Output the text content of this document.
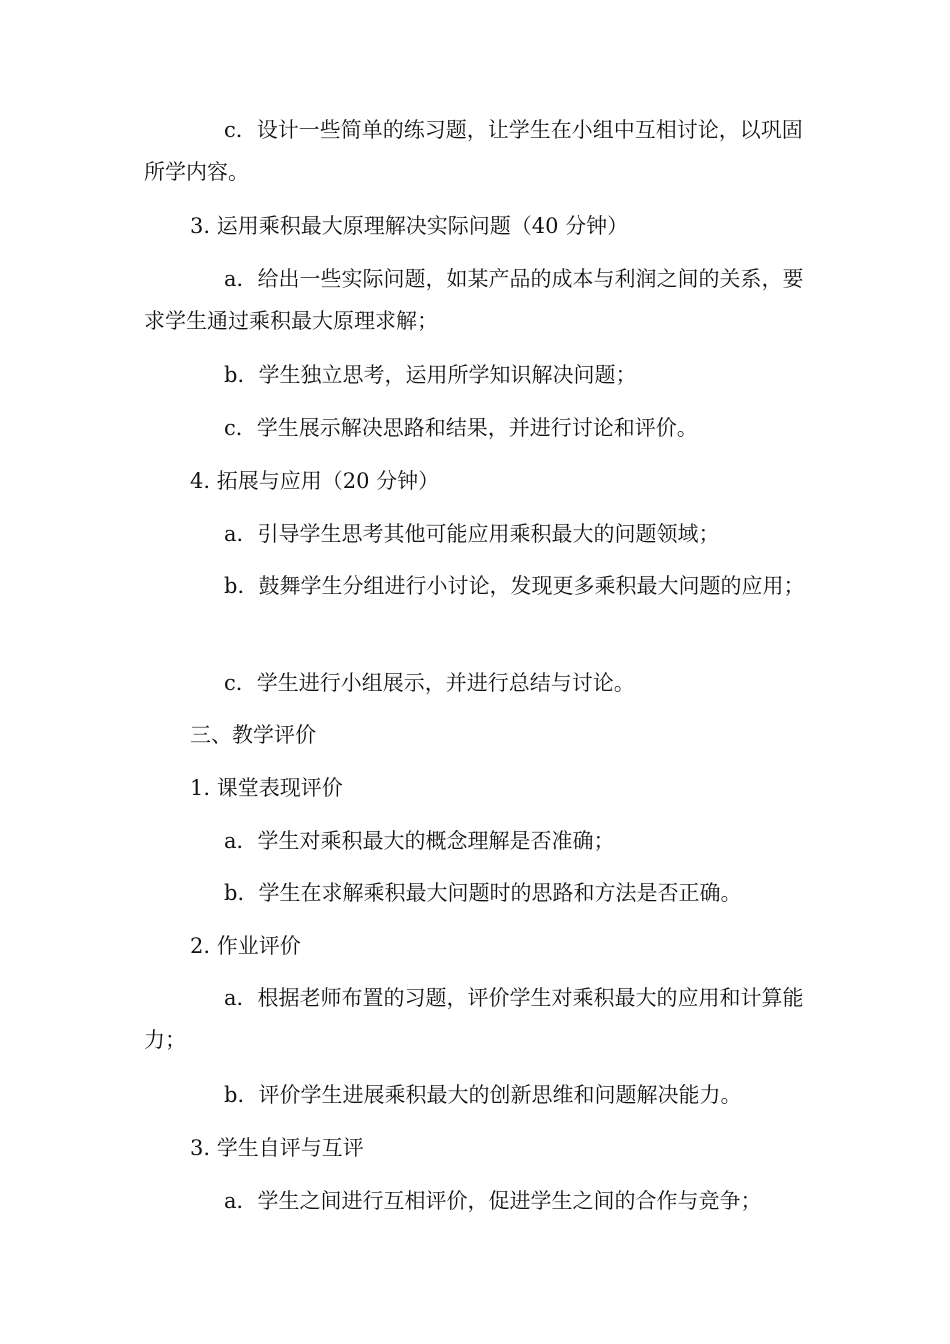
c．设计一些简单的练习题，让学生在小组中互相讨论，以巩固所学内容。

3. 运用乘积最大原理解决实际问题（40 分钟）

a．给出一些实际问题，如某产品的成本与利润之间的关系，要求学生通过乘积最大原理求解；

b．学生独立思考，运用所学知识解决问题；

c．学生展示解决思路和结果，并进行讨论和评价。

4. 拓展与应用（20 分钟）

a．引导学生思考其他可能应用乘积最大的问题领域；

b．鼓舞学生分组进行小讨论，发现更多乘积最大问题的应用；

c．学生进行小组展示，并进行总结与讨论。

三、教学评价

1. 课堂表现评价

a．学生对乘积最大的概念理解是否准确；

b．学生在求解乘积最大问题时的思路和方法是否正确。

2. 作业评价

a．根据老师布置的习题，评价学生对乘积最大的应用和计算能力；

b．评价学生进展乘积最大的创新思维和问题解决能力。

3. 学生自评与互评

a．学生之间进行互相评价，促进学生之间的合作与竞争；
